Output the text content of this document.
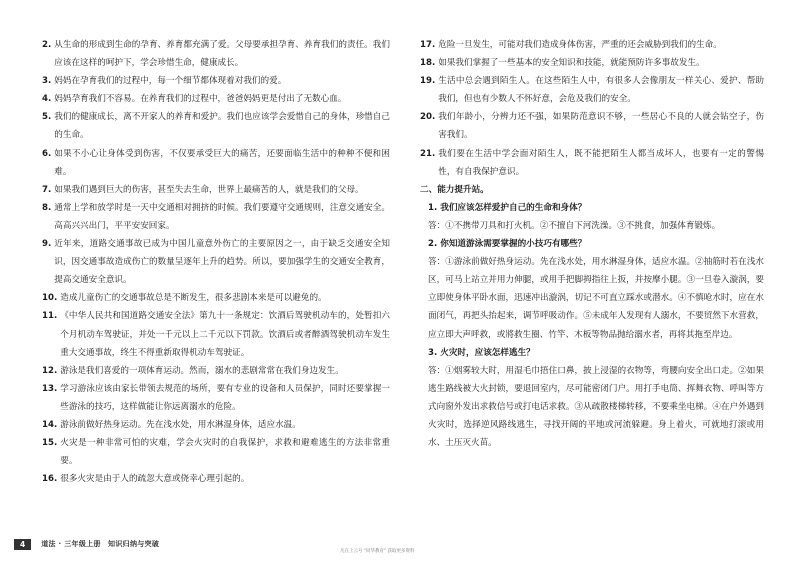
2. 从生命的形成到生命的孕育、养育都充满了爱。父母要承担孕育、养育我们的责任。我们应该在这样的呵护下，学会珍惜生命，健康成长。
3. 妈妈在孕育我们的过程中，每一个细节都体现着对我们的爱。
4. 妈妈孕育我们不容易。在养育我们的过程中，爸爸妈妈更是付出了无数心血。
5. 我们的健康成长，离不开家人的养育和爱护。我们也应该学会爱惜自己的身体，珍惜自己的生命。
6. 如果不小心让身体受到伤害，不仅要承受巨大的痛苦，还要面临生活中的种种不便和困难。
7. 如果我们遇到巨大的伤害，甚至失去生命，世界上最痛苦的人，就是我们的父母。
8. 通常上学和放学时是一天中交通相对拥挤的时候。我们要遵守交通规则，注意交通安全。高高兴兴出门，平平安安回家。
9. 近年来，道路交通事故已成为中国儿童意外伤亡的主要原因之一，由于缺乏交通安全知识，因交通事故造成伤亡的数量呈逐年上升的趋势。所以，要加强学生的交通安全教育，提高交通安全意识。
10. 造成儿童伤亡的交通事故总是不断发生，很多悲剧本来是可以避免的。
11. 《中华人民共和国道路交通安全法》第九十一条规定：饮酒后驾驶机动车的，处暂扣六个月机动车驾驶证，并处一千元以上二千元以下罚款。饮酒后或者醉酒驾驶机动车发生重大交通事故，终生不得重新取得机动车驾驶证。
12. 游泳是我们喜爱的一项体育运动。然而，溺水的悲剧常常在我们身边发生。
13. 学习游泳应该由家长带领去规范的场所，要有专业的设备和人员保护，同时还要掌握一些游泳的技巧，这样做能让你远离溺水的危险。
14. 游泳前做好热身运动。先在浅水处，用水淋湿身体，适应水温。
15. 火灾是一种非常可怕的灾难，学会火灾时的自我保护，求救和避难逃生的方法非常重要。
16. 很多火灾是由于人的疏忽大意或侥幸心理引起的。
17. 危险一旦发生，可能对我们造成身体伤害，严重的还会威胁到我们的生命。
18. 如果我们掌握了一些基本的安全知识和技能，就能预防许多事故发生。
19. 生活中总会遇到陌生人。在这些陌生人中，有很多人会像朋友一样关心、爱护、帮助我们，但也有少数人不怀好意，会危及我们的安全。
20. 我们年龄小，分辨力还不强，如果防范意识不够，一些居心不良的人就会钻空子，伤害我们。
21. 我们要在生活中学会面对陌生人，既不能把陌生人都当成坏人，也要有一定的警惕性，有自我保护意识。
二、能力提升站。
1. 我们应该怎样爱护自己的生命和身体？
答：①不携带刀具和打火机。②不擅自下河洗澡。③不挑食，加强体育锻炼。
2. 你知道游泳需要掌握的小技巧有哪些？
答：①游泳前做好热身运动。先在浅水处，用水淋湿身体，适应水温。②抽筋时若在浅水区，可马上站立并用力伸腿，或用手把脚拇指往上扳，并按摩小腿。③一旦卷入漩涡，要立即使身体平卧水面，迅速冲出漩涡，切记不可直立踩水或潜水。④不慎呛水时，应在水面闭气，再把头抬起来，调节呼吸动作。⑤未成年人发现有人溺水，不要贸然下水营救，应立即大声呼救，或將救生圈、竹竿、木板等物品抛给溺水者，再将其拖至岸边。
3. 火灾时，应该怎样逃生？
答：①烟雾较大时，用湿毛巾捂住口鼻，披上浸湿的衣物等，弯腰向安全出口走。②如果逃生路线被大火封锁，要退回室内，尽可能密闭门户。用打手电筒、挥舞衣物、呼叫等方式向窗外发出求救信号或打电话求救。③从疏散楼梯转移，不要乘坐电梯。④在户外遇到火灾时，选择逆风路线逃生，寻找开阔的平地或河流躲避。身上着火，可就地打滚或用水、土压灭火苗。
4	道法 · 三年级上册　知识归纳与突破
凡在上云号 "同华教育" 获取更多资料
